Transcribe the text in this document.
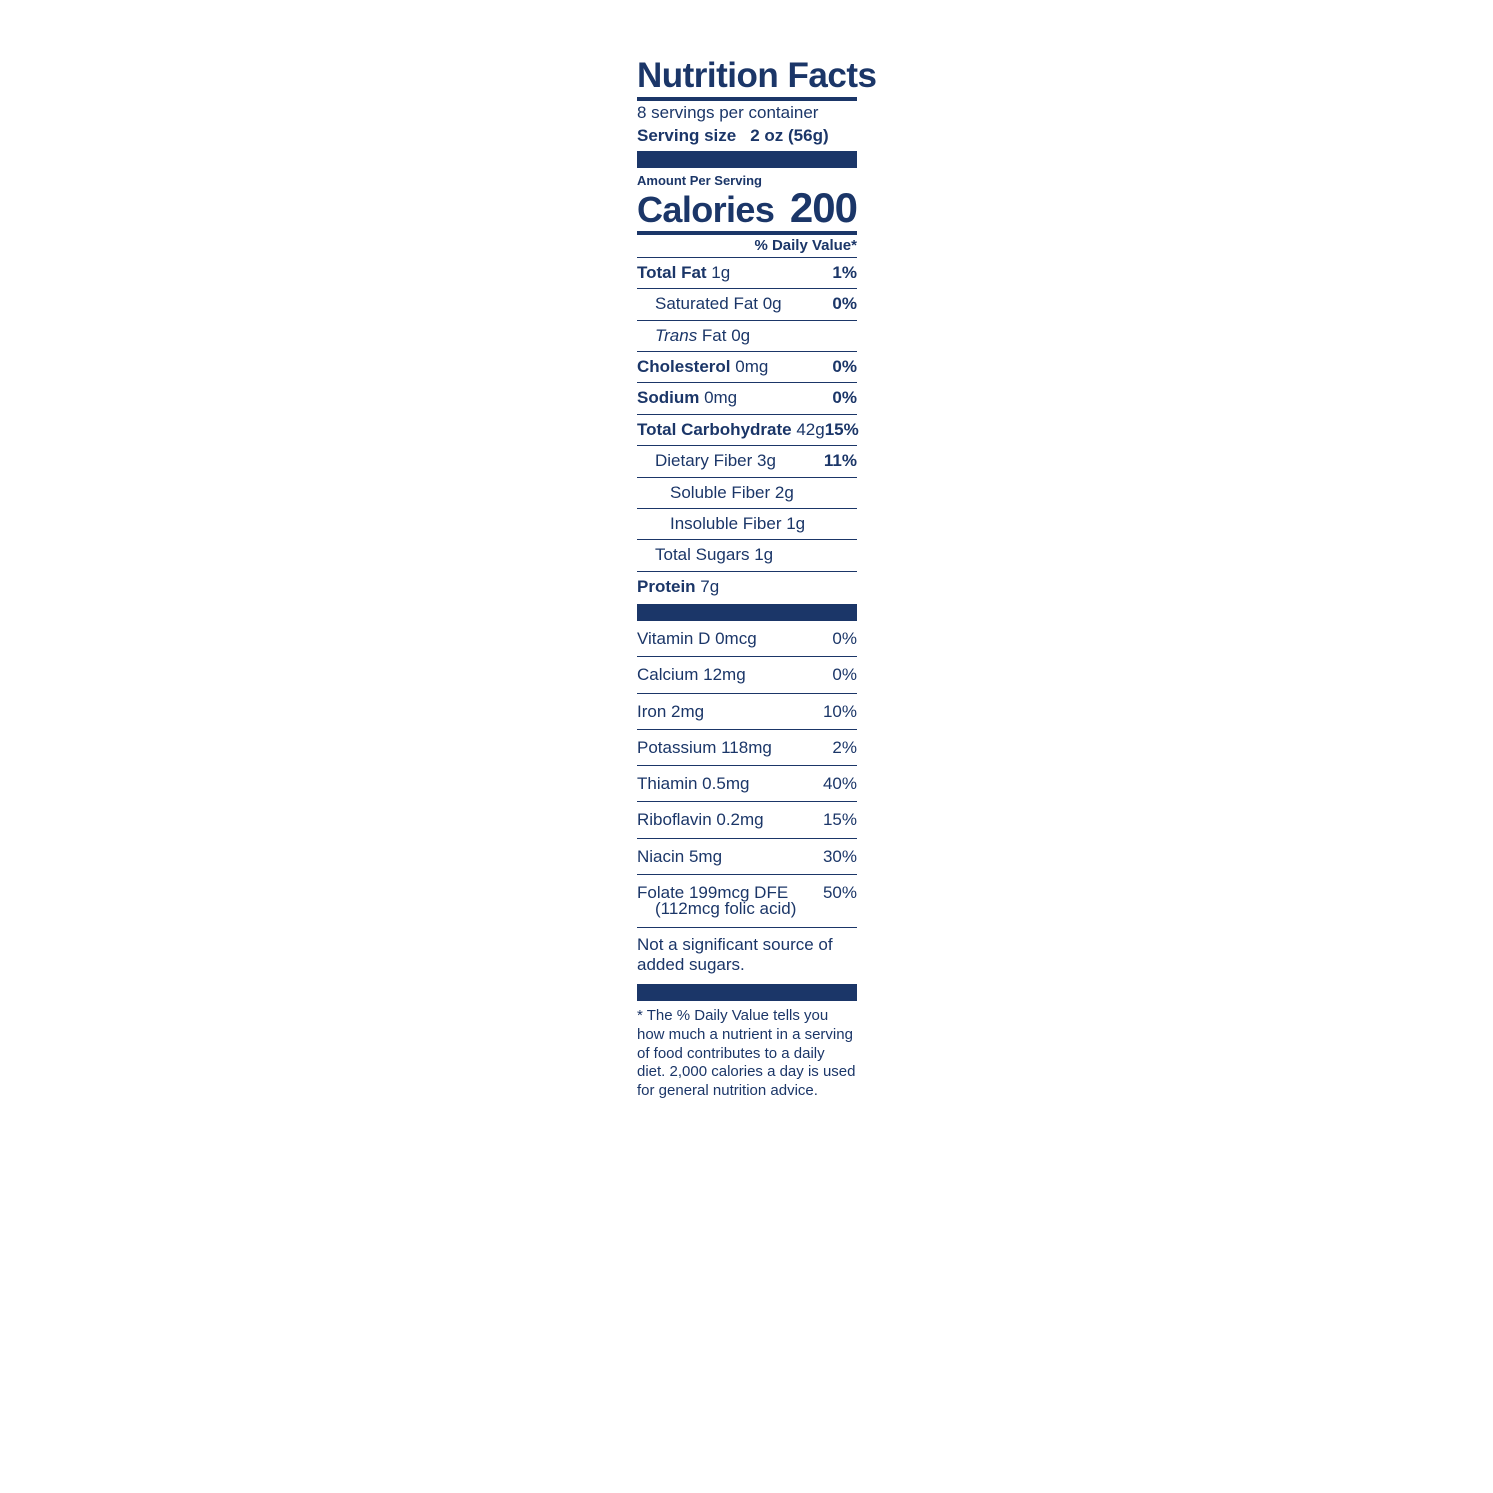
Nutrition Facts
8 servings per container
Serving size 2 oz (56g)
Amount Per Serving
Calories 200
% Daily Value*
Total Fat 1g	1%
Saturated Fat 0g	0%
Trans Fat 0g
Cholesterol 0mg	0%
Sodium 0mg	0%
Total Carbohydrate 42g 15%
Dietary Fiber 3g	11%
Soluble Fiber 2g
Insoluble Fiber 1g
Total Sugars 1g
Protein 7g
Vitamin D 0mcg	0%
Calcium 12mg	0%
Iron 2mg	10%
Potassium 118mg	2%
Thiamin 0.5mg	40%
Riboflavin 0.2mg	15%
Niacin 5mg	30%
Folate 199mcg DFE 50%
(112mcg folic acid)
Not a significant source of added sugars.
* The % Daily Value tells you how much a nutrient in a serving of food contributes to a daily diet. 2,000 calories a day is used for general nutrition advice.
